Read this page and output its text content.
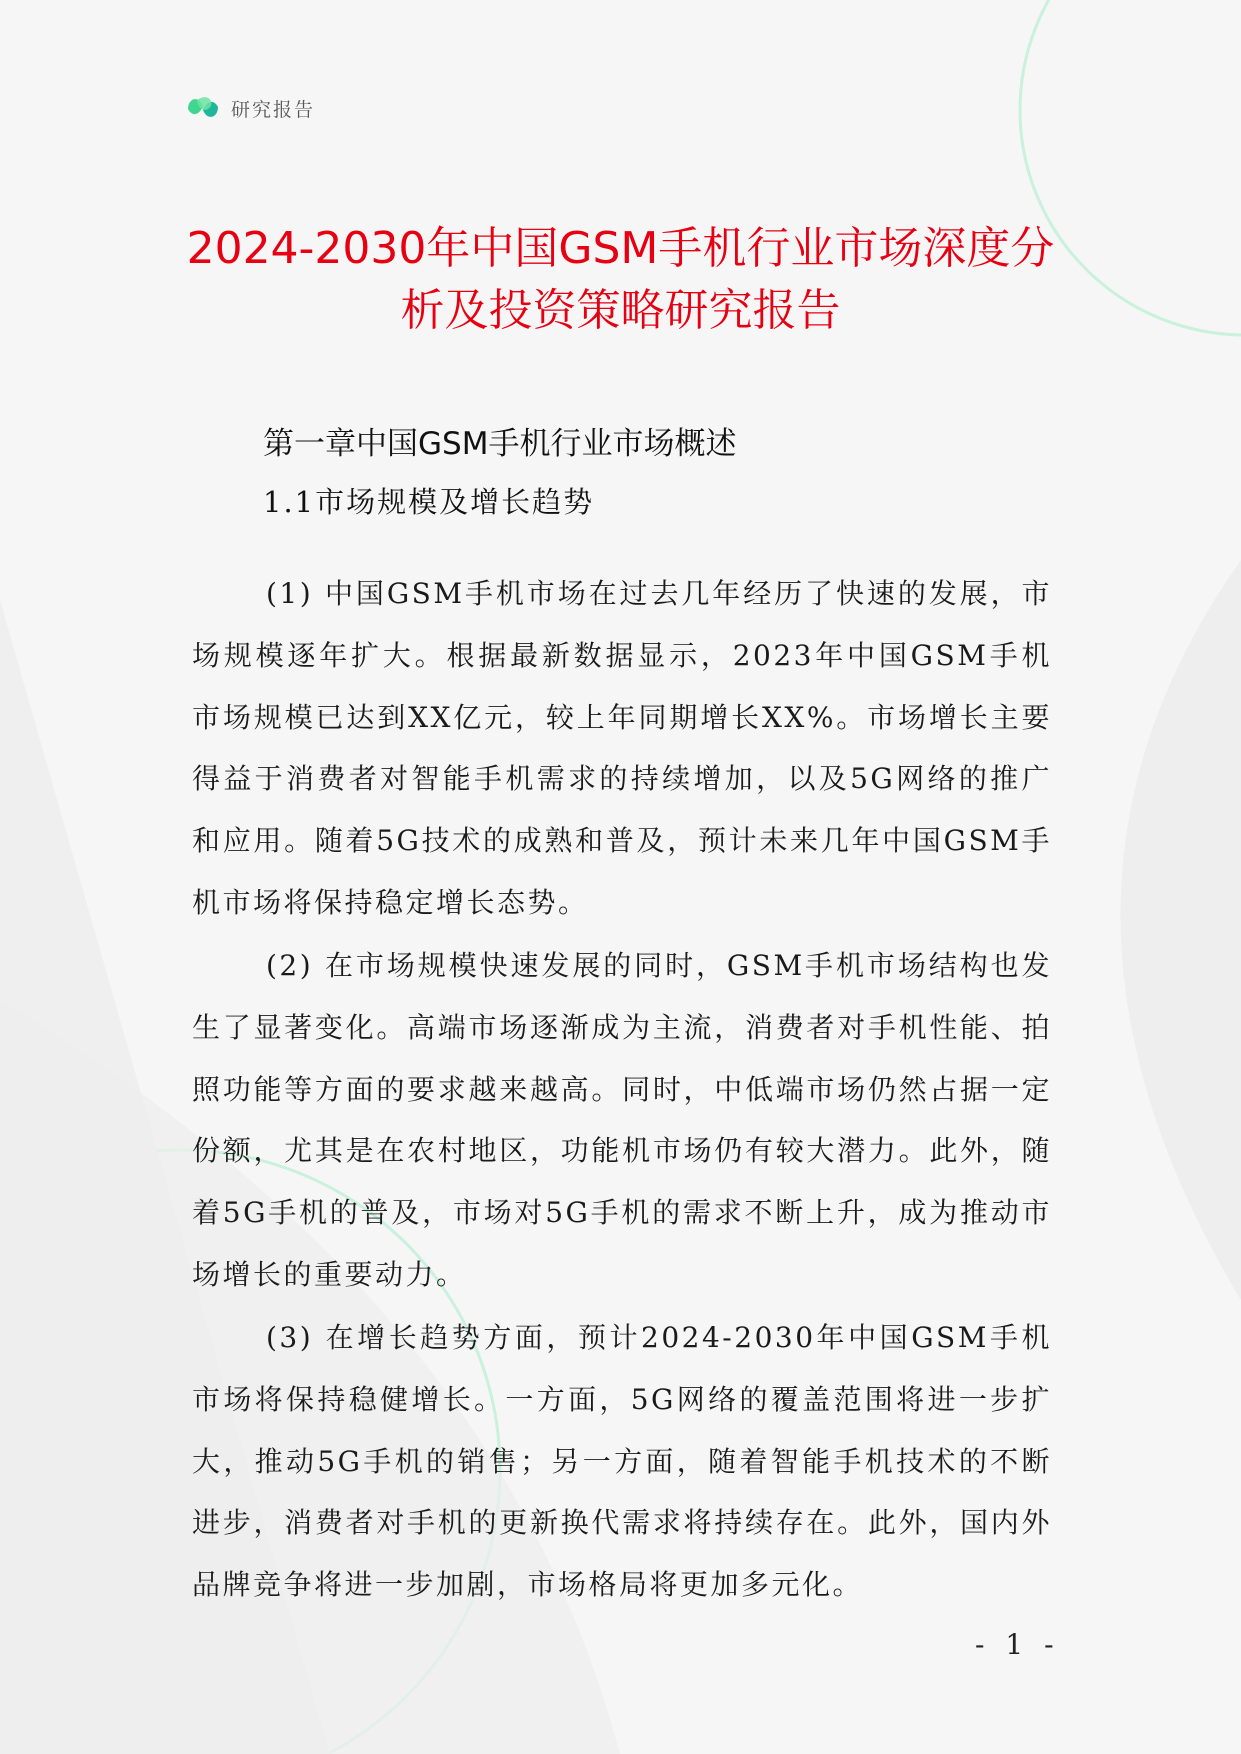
研究报告
2024-2030年中国GSM手机行业市场深度分

析及投资策略研究报告
第一章中国GSM手机行业市场概述
1.1市场规模及增长趋势

(1) 中国GSM手机市场在过去几年经历了快速的发展，市场规模逐年扩大。根据最新数据显示，2023年中国GSM手机市场规模已达到XX亿元，较上年同期增长XX%。市场增长主要得益于消费者对智能手机需求的持续增加，以及5G网络的推广和应用。随着5G技术的成熟和普及，预计未来几年中国GSM手机市场将保持稳定增长态势。

(2) 在市场规模快速发展的同时，GSM手机市场结构也发生了显著变化。高端市场逐渐成为主流，消费者对手机性能、拍照功能等方面的要求越来越高。同时，中低端市场仍然占据一定份额，尤其是在农村地区，功能机市场仍有较大潜力。此外，随着5G手机的普及，市场对5G手机的需求不断上升，成为推动市场增长的重要动力。

(3) 在增长趋势方面，预计2024-2030年中国GSM手机市场将保持稳健增长。一方面，5G网络的覆盖范围将进一步扩大，推动5G手机的销售；另一方面，随着智能手机技术的不断进步，消费者对手机的更新换代需求将持续存在。此外，国内外品牌竞争将进一步加剧，市场格局将更加多元化。

- 1 -
